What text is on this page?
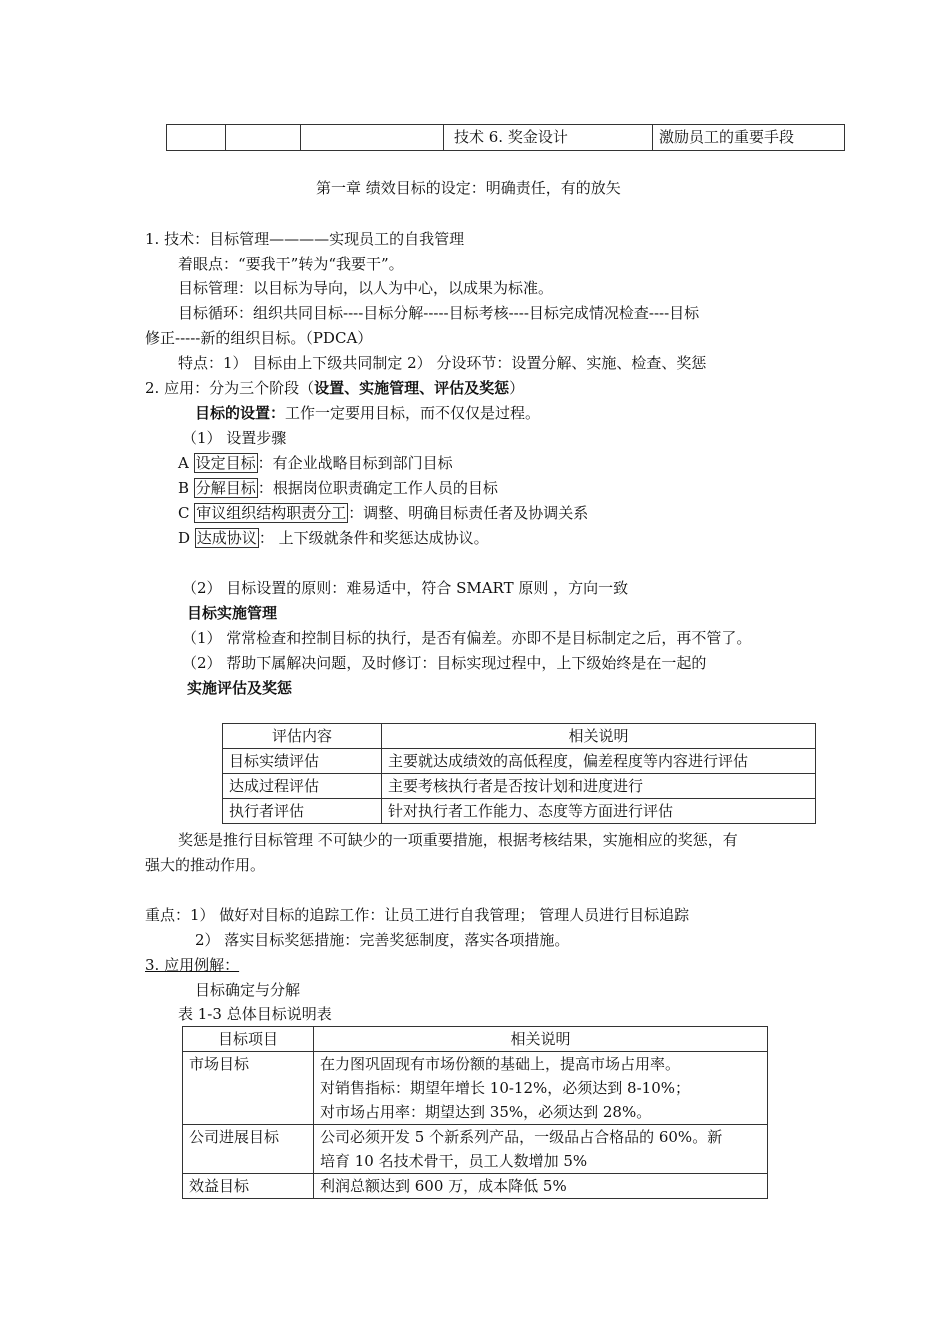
			技术 6. 奖金设计	激励员工的重要手段
第一章 绩效目标的设定：明确责任，有的放矢
1. 技术：目标管理————实现员工的自我管理
着眼点：“要我干”转为“我要干”。
目标管理：以目标为导向，以人为中心，以成果为标准。
目标循环：组织共同目标----目标分解-----目标考核----目标完成情况检查----目标
修正-----新的组织目标。（PDCA）
特点：1） 目标由上下级共同制定 2） 分设环节：设置分解、实施、检查、奖惩
2. 应用：分为三个阶段（设置、实施管理、评估及奖惩）
目标的设置：工作一定要用目标，而不仅仅是过程。
（1） 设置步骤
A 设定目标 ：有企业战略目标到部门目标
B 分解目标 ：根据岗位职责确定工作人员的目标
C 审议组织结构职责分工 ：调整、明确目标责任者及协调关系
D 达成协议 ： 上下级就条件和奖惩达成协议。
（2） 目标设置的原则：难易适中，符合 SMART 原则 ，方向一致
目标实施管理
（1） 常常检查和控制目标的执行，是否有偏差。亦即不是目标制定之后，再不管了。
（2） 帮助下属解决问题，及时修订：目标实现过程中，上下级始终是在一起的
实施评估及奖惩
评估内容	相关说明
目标实绩评估	主要就达成绩效的高低程度，偏差程度等内容进行评估
达成过程评估	主要考核执行者是否按计划和进度进行
执行者评估	针对执行者工作能力、态度等方面进行评估
奖惩是推行目标管理 不可缺少的一项重要措施，根据考核结果，实施相应的奖惩，有
强大的推动作用。
重点：1） 做好对目标的追踪工作：让员工进行自我管理； 管理人员进行目标追踪
2） 落实目标奖惩措施：完善奖惩制度，落实各项措施。
3. 应用例解：
目标确定与分解
表 1-3 总体目标说明表
目标项目	相关说明
市场目标	在力图巩固现有市场份额的基础上，提高市场占用率。
对销售指标：期望年增长 10-12%，必须达到 8-10%；
对市场占用率：期望达到 35%，必须达到 28%。

公司进展目标	公司必须开发 5 个新系列产品，一级品占合格品的 60%。新
培育 10 名技术骨干，员工人数增加 5%

效益目标	利润总额达到 600 万，成本降低 5%
